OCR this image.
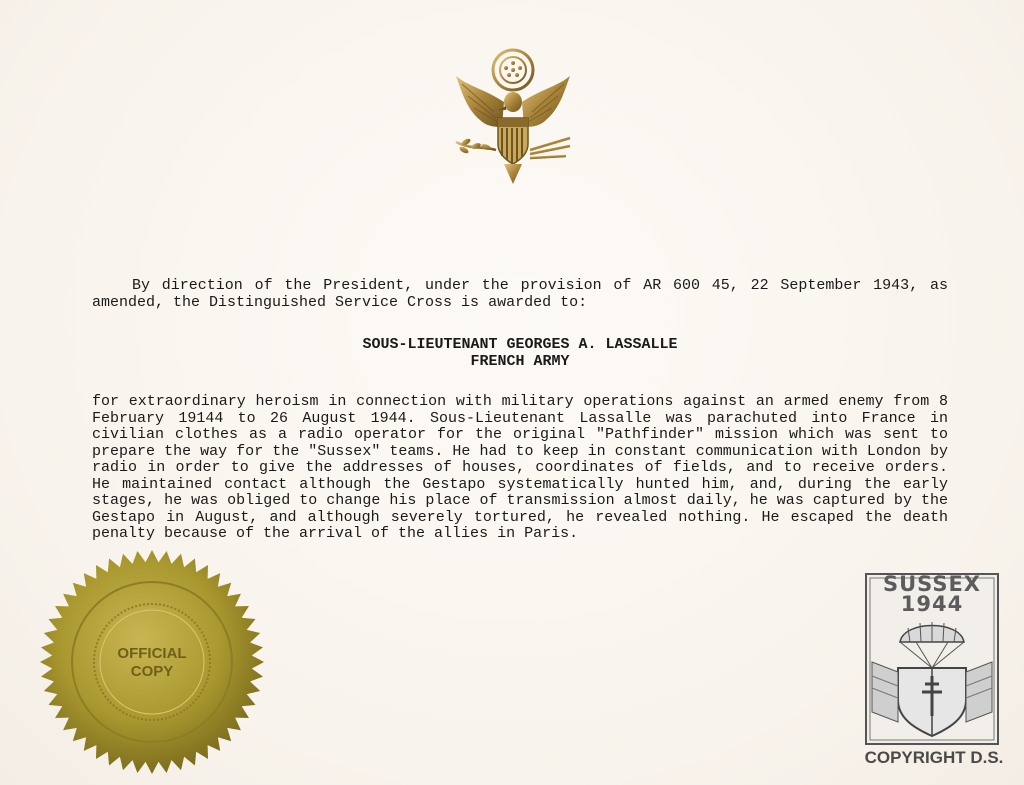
By direction of the President, under the provision of AR 600 45, 22 September 1943, as amended, the Distinguished Service Cross is awarded to:

SOUS-LIEUTENANT GEORGES A. LASSALLE
FRENCH ARMY

for extraordinary heroism in connection with military operations against an armed enemy from 8 February 19144 to 26 August 1944. Sous-Lieutenant Lassalle was parachuted into France in civilian clothes as a radio operator for the original "Pathfinder" mission which was sent to prepare the way for the "Sussex" teams. He had to keep in constant communication with London by radio in order to give the addresses of houses, coordinates of fields, and to receive orders. He maintained contact although the Gestapo systematically hunted him, and, during the early stages, he was obliged to change his place of transmission almost daily, he was captured by the Gestapo in August, and although severely tortured, he revealed nothing. He escaped the death penalty because of the arrival of the allies in Paris.

OFFICIAL
COPY
SUSSEX
1944
COPYRIGHT D.S.
